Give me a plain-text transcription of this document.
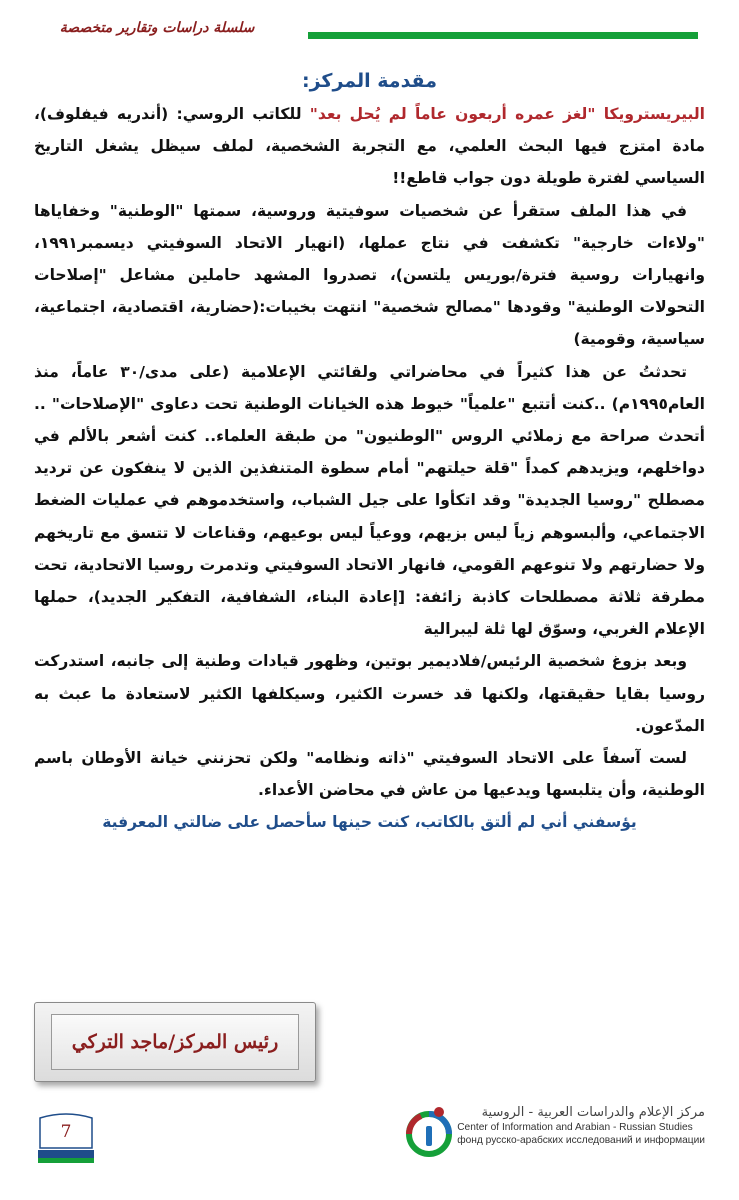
سلسلة دراسات وتقارير متخصصة
مقدمة المركز:

البيريسترويكا "لغز عمره أربعون عاماً لم يُحل بعد" للكاتب الروسي: (أندريه فيفلوف)، مادة امتزج فيها البحث العلمي، مع التجربة الشخصية، لملف سيظل يشغل التاريخ السياسي لفترة طويلة دون جواب قاطع!!

في هذا الملف ستقرأ عن شخصيات سوفيتية وروسية، سمتها "الوطنية" وخفاياها "ولاءات خارجية" تكشفت في نتاج عملها، (انهيار الاتحاد السوفيتي ديسمبر١٩٩١، وانهيارات روسية فترة/بوريس يلتسن)، تصدروا المشهد حاملين مشاعل "إصلاحات التحولات الوطنية" وقودها "مصالح شخصية" انتهت بخيبات:(حضارية، اقتصادية، اجتماعية، سياسية، وقومية)

تحدثتُ عن هذا كثيراً في محاضراتي ولقائتي الإعلامية (على مدى/٣٠ عاماً، منذ العام١٩٩٥م) ..كنت أتتبع "علمياً" خيوط هذه الخيانات الوطنية تحت دعاوى "الإصلاحات" .. أتحدث صراحة مع زملائي الروس "الوطنيون" من طبقة العلماء.. كنت أشعر بالألم في دواخلهم، ويزيدهم كمداً "قلة حيلتهم" أمام سطوة المتنفذين الذين لا ينفكون عن ترديد مصطلح "روسيا الجديدة" وقد اتكأوا على جيل الشباب، واستخدموهم في عمليات الضغط الاجتماعي، وألبسوهم زياً ليس بزيهم، ووعياً ليس بوعيهم، وقناعات لا تتسق مع تاريخهم ولا حضارتهم ولا تنوعهم القومي، فانهار الاتحاد السوفيتي وتدمرت روسيا الاتحادية، تحت مطرقة ثلاثة مصطلحات كاذبة زائفة: [إعادة البناء، الشفافية، التفكير الجديد)، حملها الإعلام الغربي، وسوّق لها ثلة ليبرالية

وبعد بزوغ شخصية الرئيس/فلاديمير بوتين، وظهور قيادات وطنية إلى جانبه، استدركت روسيا بقايا حقيقتها، ولكنها قد خسرت الكثير، وسيكلفها الكثير لاستعادة ما عبث به المدّعون.

لست آسفاً على الاتحاد السوفيتي "ذاته ونظامه" ولكن تحزنني خيانة الأوطان باسم الوطنية، وأن يتلبسها ويدعيها من عاش في محاضن الأعداء.

يؤسفني أني لم ألتق بالكاتب، كنت حينها سأحصل على ضالتي المعرفية

رئيس المركز/ماجد التركي
7
مركز الإعلام والدراسات العربية - الروسية
Center of Information and Arabian - Russian Studies
фонд русско-арабских исследований и информации
